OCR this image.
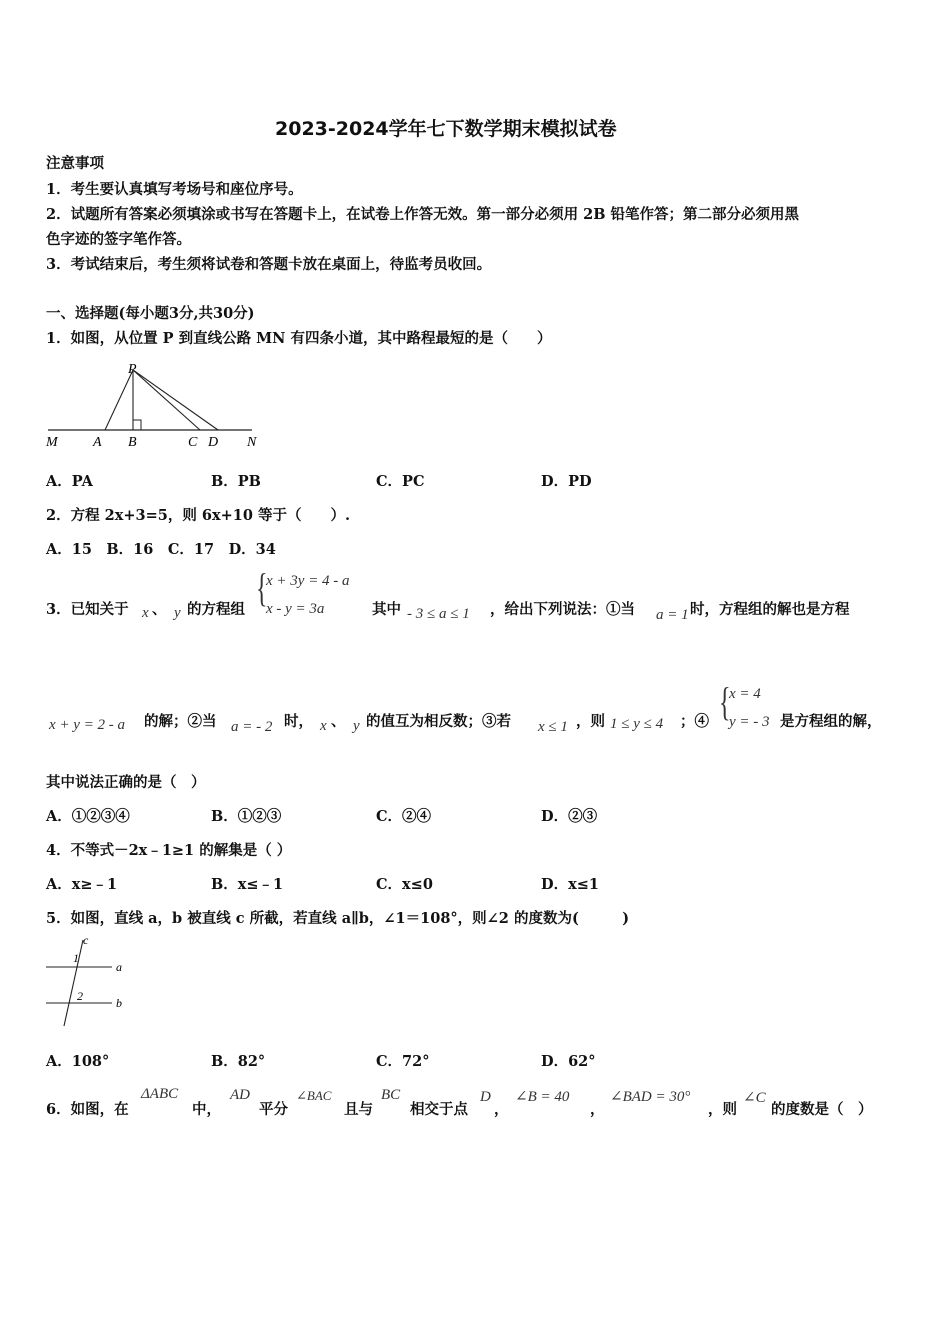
2023-2024学年七下数学期末模拟试卷
注意事项
1．考生要认真填写考场号和座位序号。
2．试题所有答案必须填涂或书写在答题卡上，在试卷上作答无效。第一部分必须用 2B 铅笔作答；第二部分必须用黑
色字迹的签字笔作答。
3．考试结束后，考生须将试卷和答题卡放在桌面上，待监考员收回。
一、选择题(每小题3分,共30分)
1．如图，从位置 P 到直线公路 MN 有四条小道，其中路程最短的是（　　）
P
M	A B	C D N
A．PA	B．PB	C．PC	D．PD
2．方程 2x+3=5，则 6x+10 等于（　　）.
A．15　B．16　C．17　D．34
3．已知关于 x 、 y 的方程组 {
x + 3y = 4 - a
x - y = 3a	其中 - 3 ≤ a ≤ 1 ，给出下列说法：①当 a = 1 时，方程组的解也是方程
x + y = 2 - a 的解；②当 a = - 2 时， x 、 y 的值互为相反数；③若 x ≤ 1 ，则 1 ≤ y ≤ 4 ；④ {
x = 4
y = - 3 是方程组的解，
其中说法正确的是（　）
A．①②③④	B．①②③	C．②④	D．②③
4．不等式－2x﹣1≥1 的解集是（ ）
A．x≥﹣1	B．x≤﹣1	C．x≤0	D．x≤1
5．如图，直线 a，b 被直线 c 所截，若直线 a∥b，∠1＝108°，则∠2 的度数为(　　　)
c
1
a
2	b
A．108°	B．82°	C．72°	D．62°
6．如图，在
ΔABC
中，
AD
平分
∠BAC
且与
BC
相交于点
D
，
∠B = 40
，
∠BAD = 30°
，则
∠C
的度数是（　）
